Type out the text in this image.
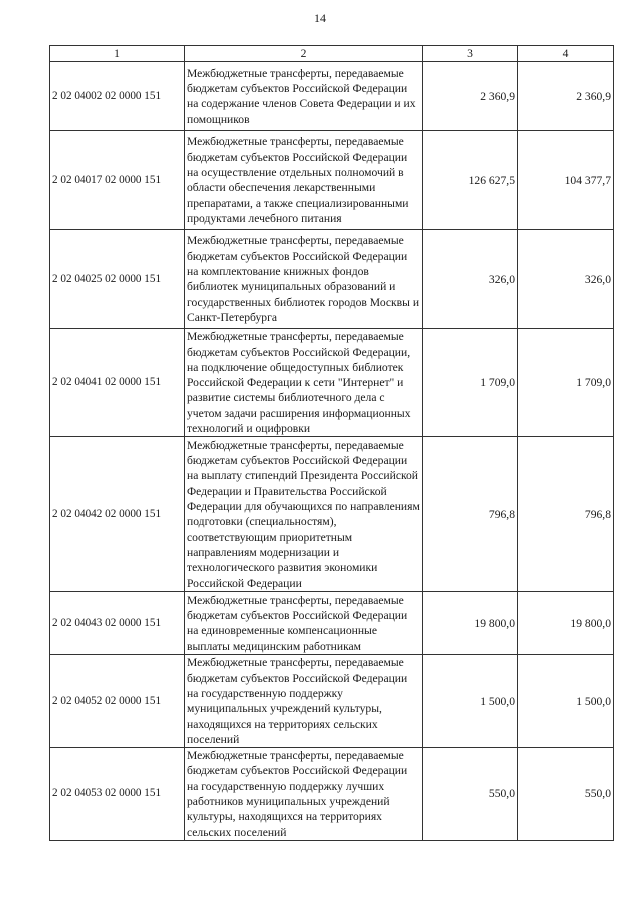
14
1	2	3	4
2 02 04002 02 0000 151	Межбюджетные трансферты, передаваемые бюджетам субъектов Российской Федерации на содержание членов Совета Федерации и их помощников	2 360,9	2 360,9
2 02 04017 02 0000 151	Межбюджетные трансферты, передаваемые бюджетам субъектов Российской Федерации на осуществление отдельных полномочий в области обеспечения лекарственными препаратами, а также специализированными продуктами лечебного питания	126 627,5	104 377,7
2 02 04025 02 0000 151	Межбюджетные трансферты, передаваемые бюджетам субъектов Российской Федерации на комплектование книжных фондов библиотек муниципальных образований и государственных библиотек городов Москвы и Санкт-Петербурга	326,0	326,0
2 02 04041 02 0000 151	Межбюджетные трансферты, передаваемые бюджетам субъектов Российской Федерации, на подключение общедоступных библиотек Российской Федерации к сети "Интернет" и развитие системы библиотечного дела с учетом задачи расширения информационных технологий и оцифровки	1 709,0	1 709,0
2 02 04042 02 0000 151	Межбюджетные трансферты, передаваемые бюджетам субъектов Российской Федерации на выплату стипендий Президента Российской Федерации и Правительства Российской Федерации для обучающихся по направлениям подготовки (специальностям), соответствующим приоритетным направлениям модернизации и технологического развития экономики Российской Федерации	796,8	796,8
2 02 04043 02 0000 151	Межбюджетные трансферты, передаваемые бюджетам субъектов Российской Федерации на единовременные компенсационные выплаты медицинским работникам	19 800,0	19 800,0
2 02 04052 02 0000 151	Межбюджетные трансферты, передаваемые бюджетам субъектов Российской Федерации на государственную поддержку муниципальных учреждений культуры, находящихся на территориях сельских поселений	1 500,0	1 500,0
2 02 04053 02 0000 151	Межбюджетные трансферты, передаваемые бюджетам субъектов Российской Федерации на государственную поддержку лучших работников муниципальных учреждений культуры, находящихся на территориях сельских поселений	550,0	550,0
